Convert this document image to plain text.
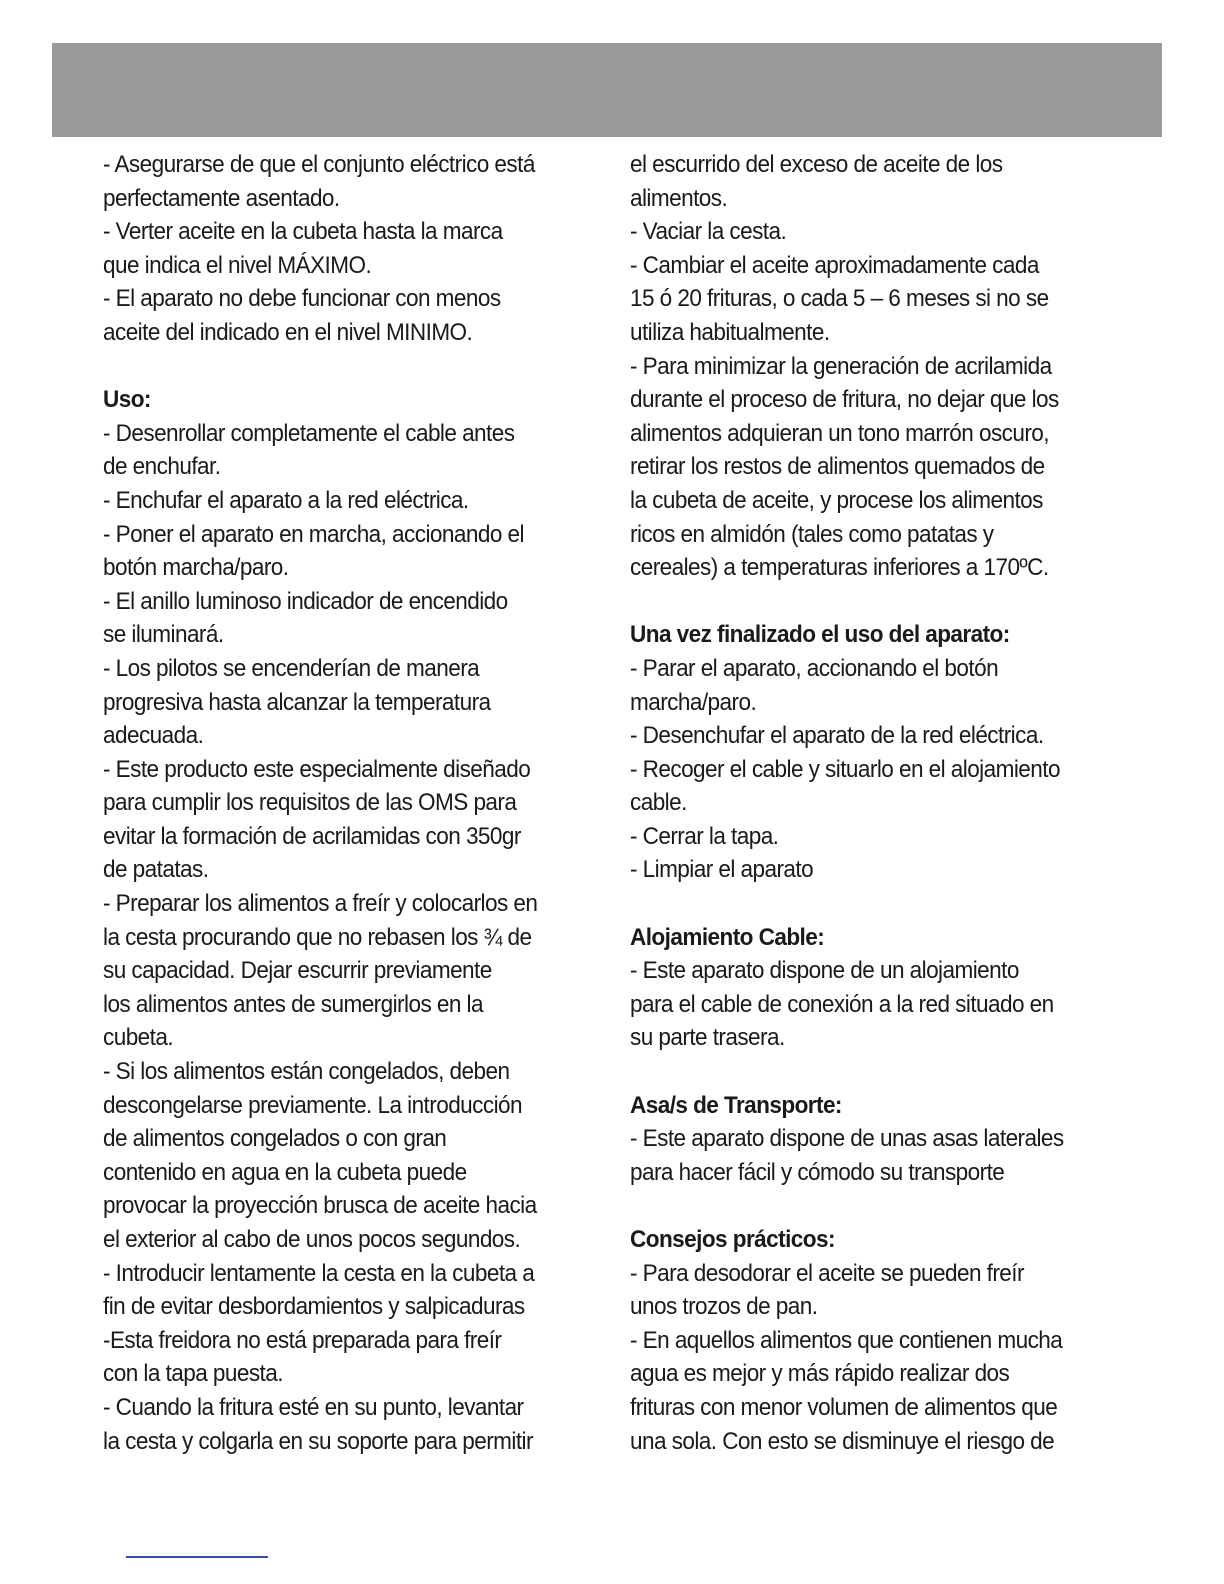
- Asegurarse de que el conjunto eléctrico está
perfectamente asentado.
- Verter aceite en la cubeta hasta la marca
que indica el nivel MÁXIMO.
- El aparato no debe funcionar con menos
aceite del indicado en el nivel MINIMO.
Uso:
- Desenrollar completamente el cable antes
de enchufar.
- Enchufar el aparato a la red eléctrica.
- Poner el aparato en marcha, accionando el
botón marcha/paro.
- El anillo luminoso indicador de encendido
se iluminará.
- Los pilotos se encenderían de manera
progresiva hasta alcanzar la temperatura
adecuada.
- Este producto este especialmente diseñado
para cumplir los requisitos de las OMS para
evitar la formación de acrilamidas con 350gr
de patatas.
- Preparar los alimentos a freír y colocarlos en
la cesta procurando que no rebasen los ¾ de
su capacidad. Dejar escurrir previamente
los alimentos antes de sumergirlos en la
cubeta.
- Si los alimentos están congelados, deben
descongelarse previamente. La introducción
de alimentos congelados o con gran
contenido en agua en la cubeta puede
provocar la proyección brusca de aceite hacia
el exterior al cabo de unos pocos segundos.
- Introducir lentamente la cesta en la cubeta a
fin de evitar desbordamientos y salpicaduras
-Esta freidora no está preparada para freír
con la tapa puesta.
- Cuando la fritura esté en su punto, levantar
la cesta y colgarla en su soporte para permitir
el escurrido del exceso de aceite de los
alimentos.
- Vaciar la cesta.
- Cambiar el aceite aproximadamente cada
15 ó 20 frituras, o cada 5 – 6 meses si no se
utiliza habitualmente.
- Para minimizar la generación de acrilamida
durante el proceso de fritura, no dejar que los
alimentos adquieran un tono marrón oscuro,
retirar los restos de alimentos quemados de
la cubeta de aceite, y procese los alimentos
ricos en almidón (tales como patatas y
cereales) a temperaturas inferiores a 170ºC.
Una vez finalizado el uso del aparato:
- Parar el aparato, accionando el botón
marcha/paro.
- Desenchufar el aparato de la red eléctrica.
- Recoger el cable y situarlo en el alojamiento
cable.
- Cerrar la tapa.
- Limpiar el aparato
Alojamiento Cable:
- Este aparato dispone de un alojamiento
para el cable de conexión a la red situado en
su parte trasera.
Asa/s de Transporte:
- Este aparato dispone de unas asas laterales
para hacer fácil y cómodo su transporte
Consejos prácticos:
- Para desodorar el aceite se pueden freír
unos trozos de pan.
- En aquellos alimentos que contienen mucha
agua es mejor y más rápido realizar dos
frituras con menor volumen de alimentos que
una sola. Con esto se disminuye el riesgo de
